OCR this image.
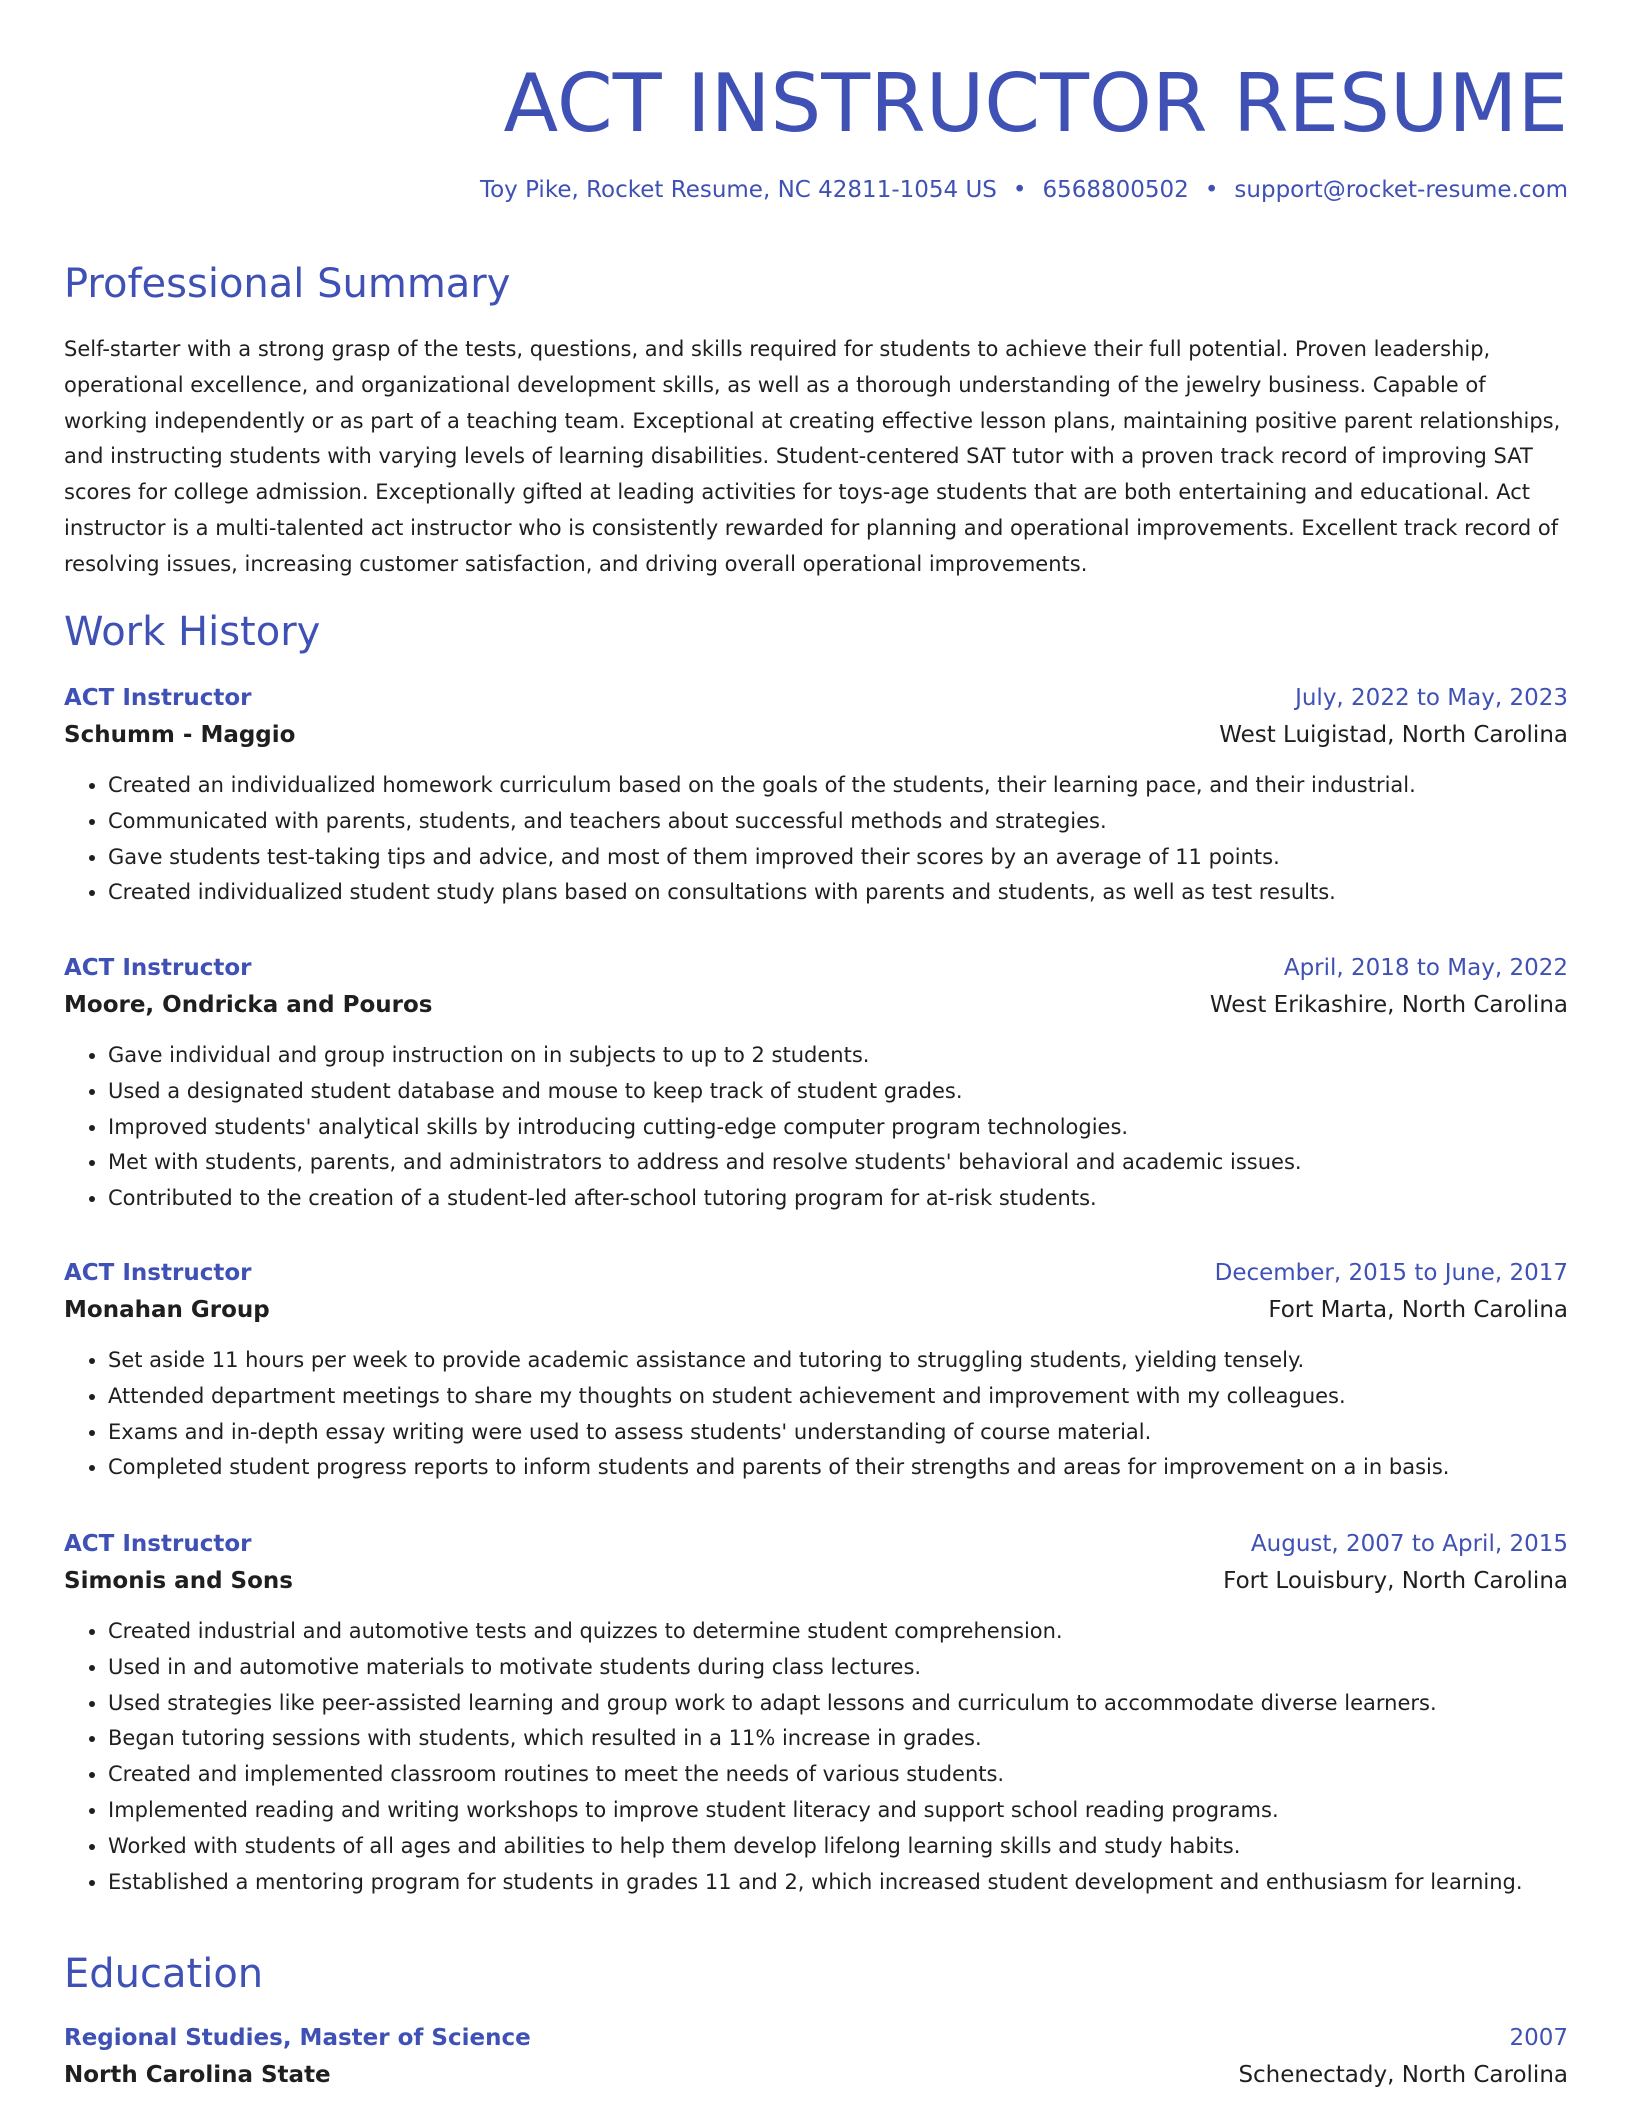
ACT INSTRUCTOR RESUME
Toy Pike, Rocket Resume, NC 42811-1054 US • 6568800502 • support@rocket-resume.com
Professional Summary

Self-starter with a strong grasp of the tests, questions, and skills required for students to achieve their full potential. Proven leadership, operational excellence, and organizational development skills, as well as a thorough understanding of the jewelry business. Capable of working independently or as part of a teaching team. Exceptional at creating effective lesson plans, maintaining positive parent relationships, and instructing students with varying levels of learning disabilities. Student-centered SAT tutor with a proven track record of improving SAT scores for college admission. Exceptionally gifted at leading activities for toys-age students that are both entertaining and educational. Act instructor is a multi-talented act instructor who is consistently rewarded for planning and operational improvements. Excellent track record of resolving issues, increasing customer satisfaction, and driving overall operational improvements.

Work History
ACT Instructor	July, 2022 to May, 2023
Schumm - Maggio	West Luigistad, North Carolina
• Created an individualized homework curriculum based on the goals of the students, their learning pace, and their industrial.
• Communicated with parents, students, and teachers about successful methods and strategies.
• Gave students test-taking tips and advice, and most of them improved their scores by an average of 11 points.
• Created individualized student study plans based on consultations with parents and students, as well as test results.
ACT Instructor	April, 2018 to May, 2022
Moore, Ondricka and Pouros	West Erikashire, North Carolina
• Gave individual and group instruction on in subjects to up to 2 students.
• Used a designated student database and mouse to keep track of student grades.
• Improved students' analytical skills by introducing cutting-edge computer program technologies.
• Met with students, parents, and administrators to address and resolve students' behavioral and academic issues.
• Contributed to the creation of a student-led after-school tutoring program for at-risk students.
ACT Instructor	December, 2015 to June, 2017
Monahan Group	Fort Marta, North Carolina
• Set aside 11 hours per week to provide academic assistance and tutoring to struggling students, yielding tensely.
• Attended department meetings to share my thoughts on student achievement and improvement with my colleagues.
• Exams and in-depth essay writing were used to assess students' understanding of course material.
• Completed student progress reports to inform students and parents of their strengths and areas for improvement on a in basis.
ACT Instructor	August, 2007 to April, 2015
Simonis and Sons	Fort Louisbury, North Carolina
• Created industrial and automotive tests and quizzes to determine student comprehension.
• Used in and automotive materials to motivate students during class lectures.
• Used strategies like peer-assisted learning and group work to adapt lessons and curriculum to accommodate diverse learners.
• Began tutoring sessions with students, which resulted in a 11% increase in grades.
• Created and implemented classroom routines to meet the needs of various students.
• Implemented reading and writing workshops to improve student literacy and support school reading programs.
• Worked with students of all ages and abilities to help them develop lifelong learning skills and study habits.
• Established a mentoring program for students in grades 11 and 2, which increased student development and enthusiasm for learning.
Education
Regional Studies, Master of Science	2007
North Carolina State	Schenectady, North Carolina
